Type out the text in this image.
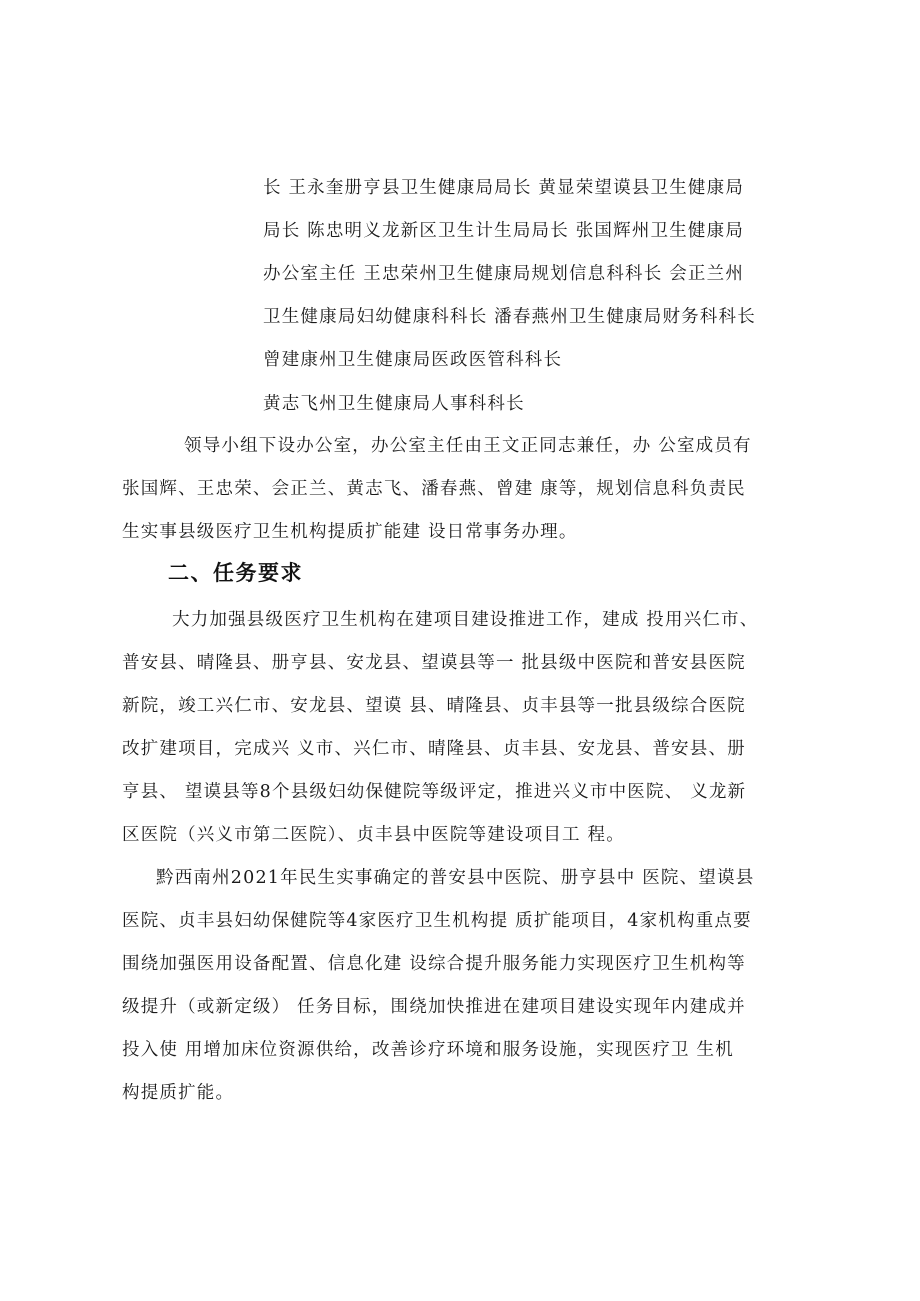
长 王永奎册亨县卫生健康局局长 黄显荣望谟县卫生健康局
局长 陈忠明义龙新区卫生计生局局长 张国辉州卫生健康局
办公室主任 王忠荣州卫生健康局规划信息科科长 会正兰州
卫生健康局妇幼健康科科长 潘春燕州卫生健康局财务科科长
曾建康州卫生健康局医政医管科科长
黄志飞州卫生健康局人事科科长
领导小组下设办公室，办公室主任由王文正同志兼任，办 公室成员有
张国辉、王忠荣、会正兰、黄志飞、潘春燕、曾建 康等，规划信息科负责民
生实事县级医疗卫生机构提质扩能建 设日常事务办理。
二、任务要求
大力加强县级医疗卫生机构在建项目建设推进工作，建成 投用兴仁市、
普安县、晴隆县、册亨县、安龙县、望谟县等一 批县级中医院和普安县医院
新院，竣工兴仁市、安龙县、望谟 县、晴隆县、贞丰县等一批县级综合医院
改扩建项目，完成兴 义市、兴仁市、晴隆县、贞丰县、安龙县、普安县、册
亨县、 望谟县等8个县级妇幼保健院等级评定，推进兴义市中医院、 义龙新
区医院（兴义市第二医院）、贞丰县中医院等建设项目工 程。
黔西南州2021年民生实事确定的普安县中医院、册亨县中 医院、望谟县
医院、贞丰县妇幼保健院等4家医疗卫生机构提 质扩能项目，4家机构重点要
围绕加强医用设备配置、信息化建 设综合提升服务能力实现医疗卫生机构等
级提升（或新定级） 任务目标，围绕加快推进在建项目建设实现年内建成并
投入使 用增加床位资源供给，改善诊疗环境和服务设施，实现医疗卫 生机
构提质扩能。
